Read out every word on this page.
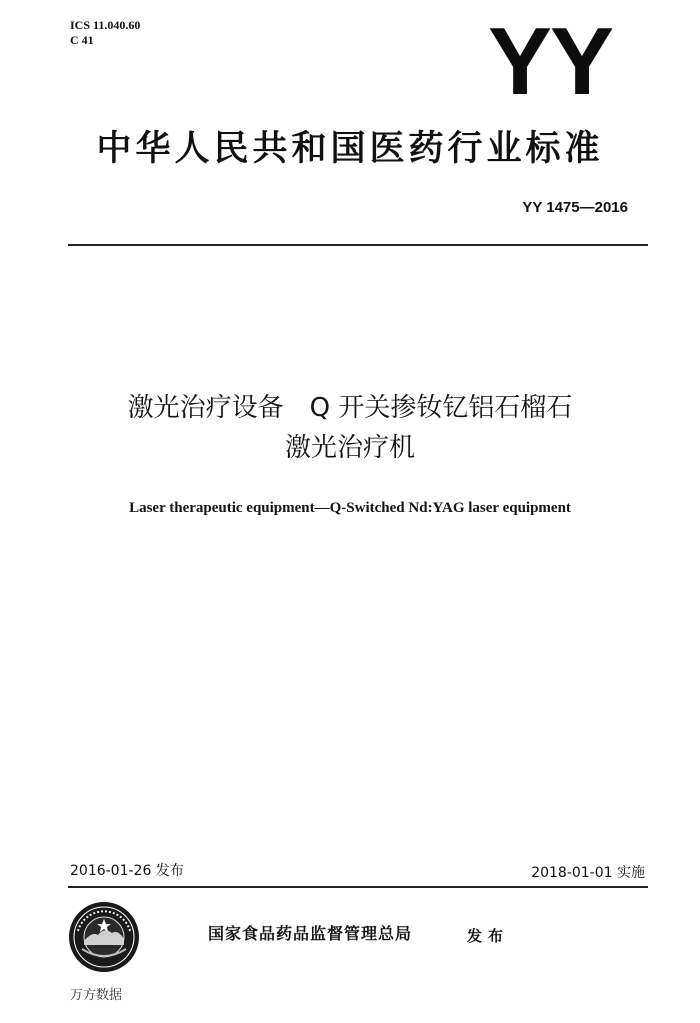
ICS 11.040.60
C 41	YY
中华人民共和国医药行业标准
YY 1475—2016
激光治疗设备　Q 开关掺钕钇铝石榴石
激光治疗机
Laser therapeutic equipment—Q-Switched Nd:YAG laser equipment
2016-01-26 发布	2018-01-01 实施
国家食品药品监督管理总局	发布
万方数据
